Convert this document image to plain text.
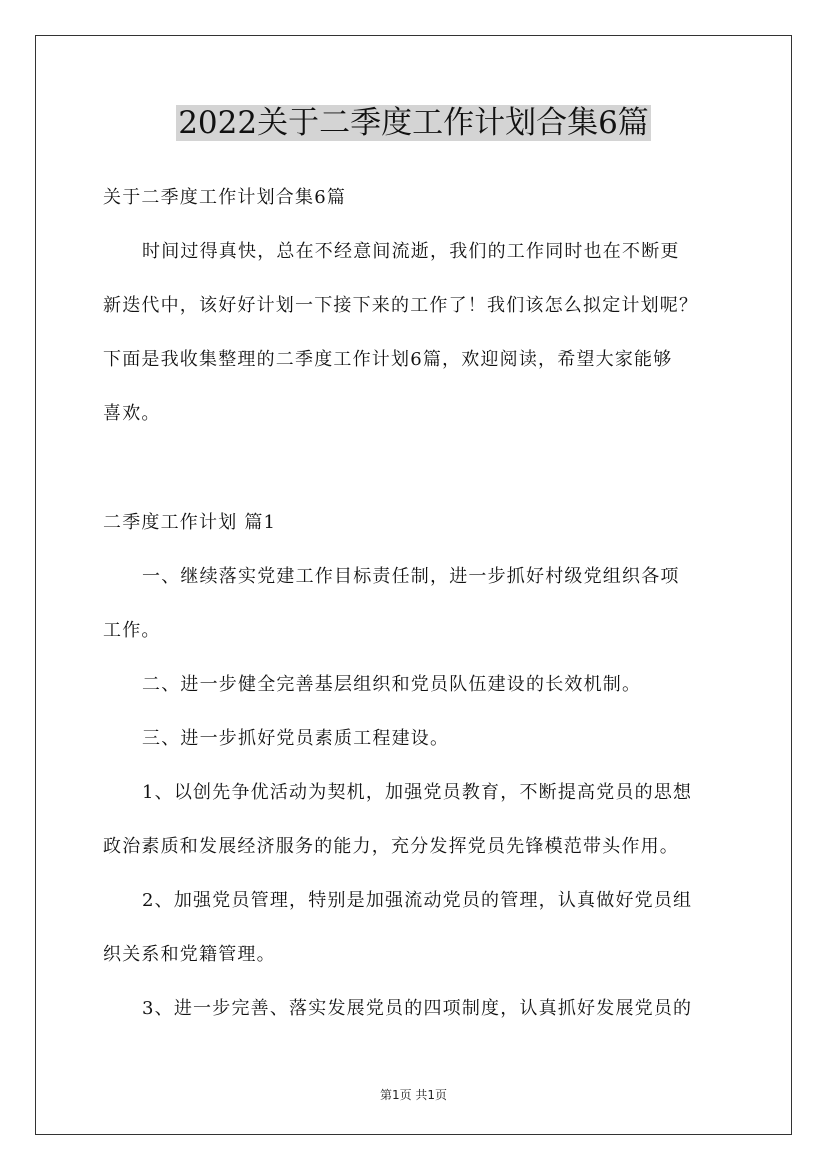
2022关于二季度工作计划合集6篇
关于二季度工作计划合集6篇
时间过得真快，总在不经意间流逝，我们的工作同时也在不断更
新迭代中，该好好计划一下接下来的工作了！我们该怎么拟定计划呢？
下面是我收集整理的二季度工作计划6篇，欢迎阅读，希望大家能够
喜欢。
二季度工作计划 篇1
一、继续落实党建工作目标责任制，进一步抓好村级党组织各项
工作。
二、进一步健全完善基层组织和党员队伍建设的长效机制。
三、进一步抓好党员素质工程建设。
1、以创先争优活动为契机，加强党员教育，不断提高党员的思想
政治素质和发展经济服务的能力，充分发挥党员先锋模范带头作用。
2、加强党员管理，特别是加强流动党员的管理，认真做好党员组
织关系和党籍管理。
3、进一步完善、落实发展党员的四项制度，认真抓好发展党员的
第1页 共1页
